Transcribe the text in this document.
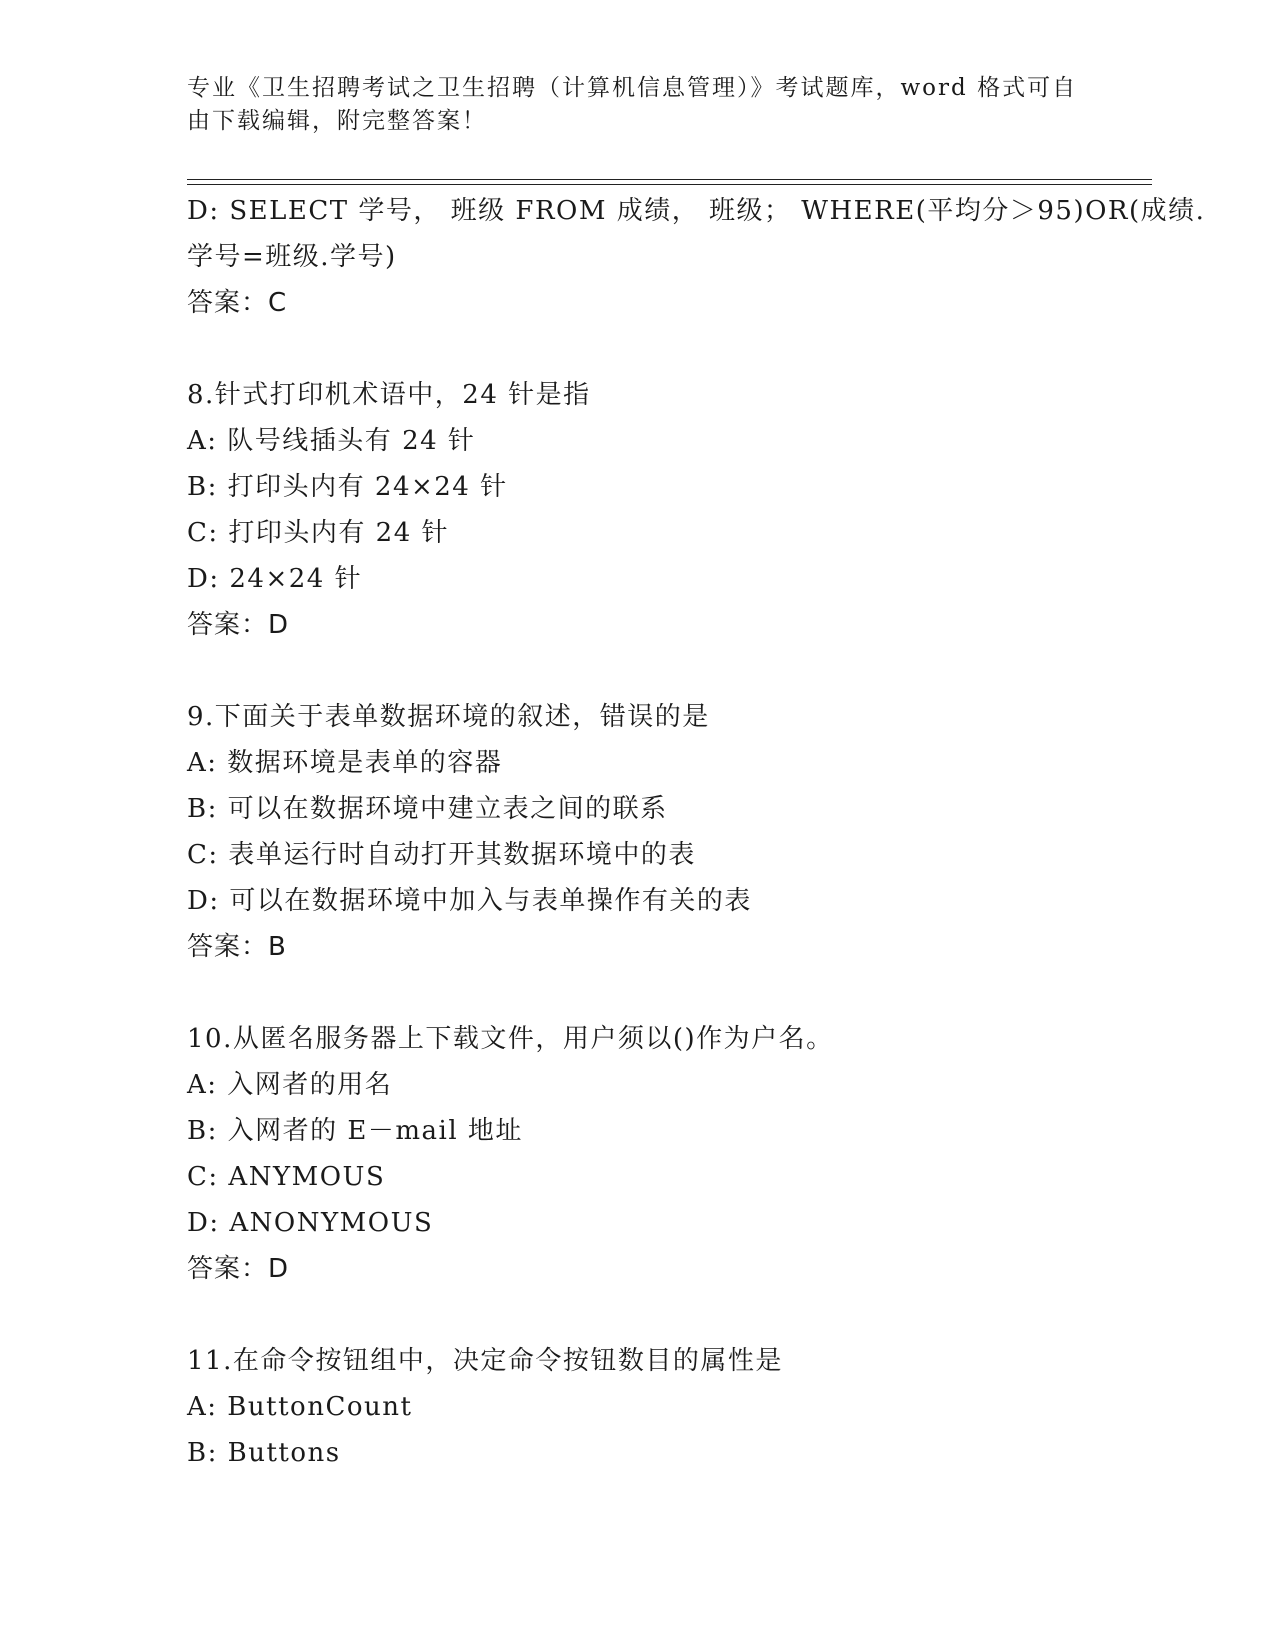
专业《卫生招聘考试之卫生招聘（计算机信息管理）》考试题库，word 格式可自
由下载编辑，附完整答案！
D: SELECT 学号， 班级 FROM 成绩， 班级； WHERE(平均分＞95)OR(成绩.
学号=班级.学号)
答案：C
8.针式打印机术语中，24 针是指
A: 队号线插头有 24 针
B: 打印头内有 24×24 针
C: 打印头内有 24 针
D: 24×24 针
答案：D
9.下面关于表单数据环境的叙述，错误的是
A: 数据环境是表单的容器
B: 可以在数据环境中建立表之间的联系
C: 表单运行时自动打开其数据环境中的表
D: 可以在数据环境中加入与表单操作有关的表
答案：B
10.从匿名服务器上下载文件，用户须以()作为户名。
A: 入网者的用名
B: 入网者的 E－mail 地址
C: ANYMOUS
D: ANONYMOUS
答案：D
11.在命令按钮组中，决定命令按钮数目的属性是
A: ButtonCount
B: Buttons
